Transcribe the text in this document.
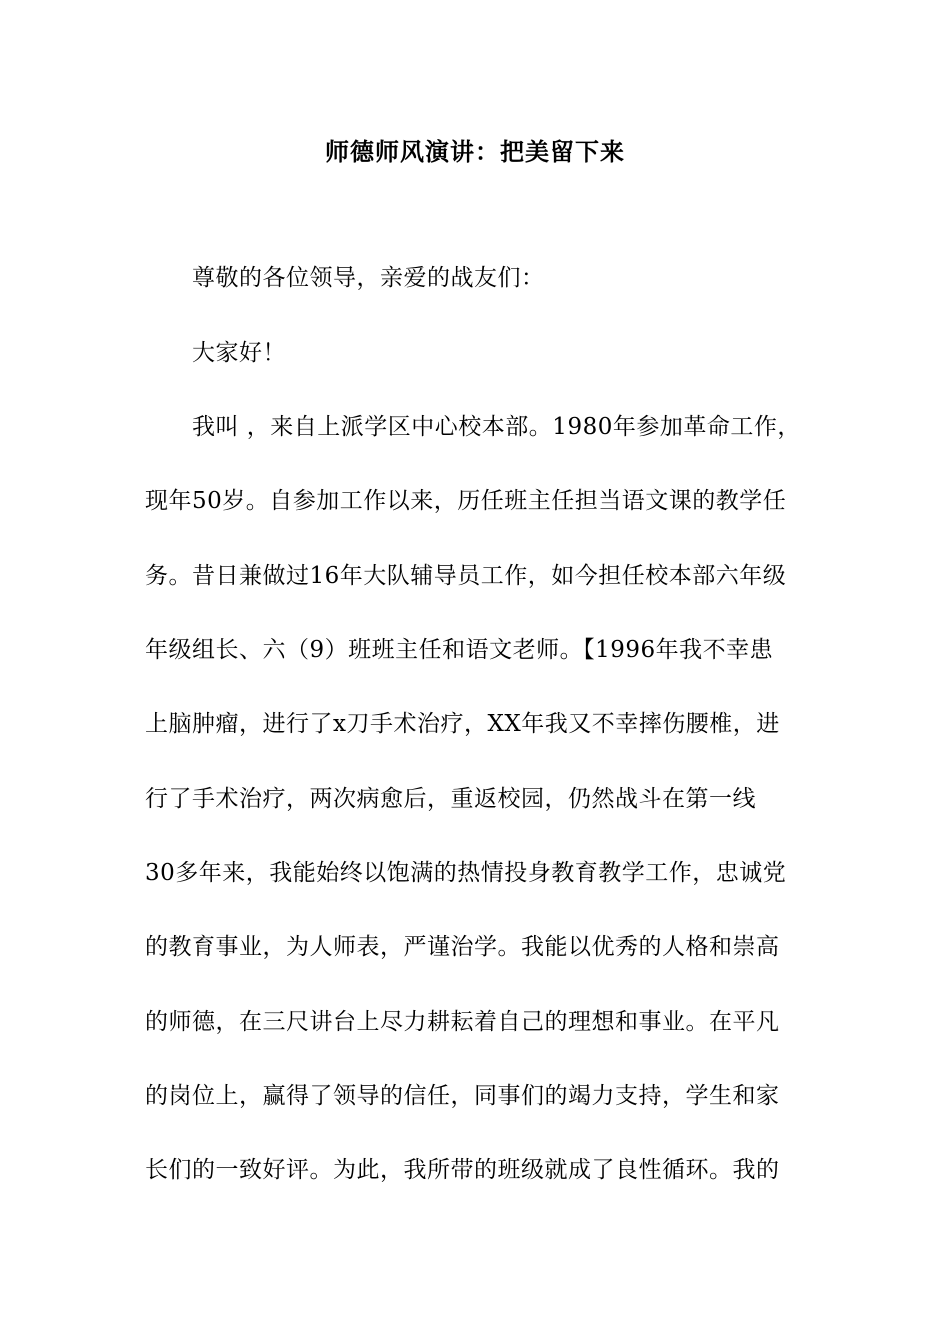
师德师风演讲：把美留下来
尊敬的各位领导，亲爱的战友们：
大家好！
我叫 ，来自上派学区中心校本部。1980年参加革命工作，
现年50岁。自参加工作以来，历任班主任担当语文课的教学任
务。昔日兼做过16年大队辅导员工作，如今担任校本部六年级
年级组长、六（9）班班主任和语文老师。【1996年我不幸患
上脑肿瘤，进行了x刀手术治疗，XX年我又不幸摔伤腰椎，进
行了手术治疗，两次病愈后，重返校园，仍然战斗在第一线
30多年来，我能始终以饱满的热情投身教育教学工作，忠诚党
的教育事业，为人师表，严谨治学。我能以优秀的人格和崇高
的师德，在三尺讲台上尽力耕耘着自己的理想和事业。在平凡
的岗位上，赢得了领导的信任，同事们的竭力支持，学生和家
长们的一致好评。为此，我所带的班级就成了良性循环。我的
